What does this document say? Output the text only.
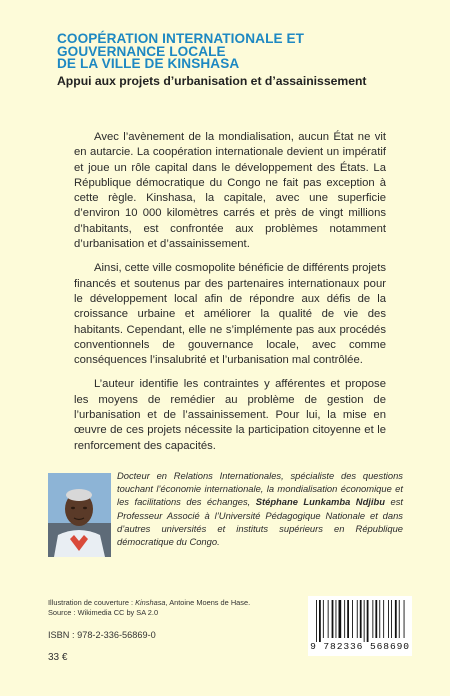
COOPÉRATION INTERNATIONALE ET
GOUVERNANCE LOCALE
DE LA VILLE DE KINSHASA
Appui aux projets d’urbanisation et d’assainissement

Avec l’avènement de la mondialisation, aucun État ne vit en autarcie. La coopération internationale devient un impératif et joue un rôle capital dans le développement des États. La République démocratique du Congo ne fait pas exception à cette règle. Kinshasa, la capitale, avec une superficie d’environ 10 000 kilomètres carrés et près de vingt millions d’habitants, est confrontée aux problèmes notamment d’urbanisation et d’assainissement.

Ainsi, cette ville cosmopolite bénéficie de différents projets financés et soutenus par des partenaires internationaux pour le développement local afin de répondre aux défis de la croissance urbaine et améliorer la qualité de vie des habitants. Cependant, elle ne s’implémente pas aux procédés conventionnels de gouvernance locale, avec comme conséquences l’insalubrité et l’urbanisation mal contrôlée.

L’auteur identifie les contraintes y afférentes et propose les moyens de remédier au problème de gestion de l’urbanisation et de l’assainissement. Pour lui, la mise en œuvre de ces projets nécessite la participation citoyenne et le renforcement des capacités.

Docteur en Relations Internationales, spécialiste des questions touchant l’économie internationale, la mondialisation économique et les facilitations des échanges, Stéphane Lunkamba Ndjibu est Professeur Associé à l’Université Pédagogique Nationale et dans d’autres universités et instituts supérieurs en République démocratique du Congo.
Illustration de couverture : Kinshasa, Antoine Moens de Hase.
Source : Wikimedia CC by SA 2.0
ISBN : 978-2-336-56869-0
33 €
9 782336 568690
